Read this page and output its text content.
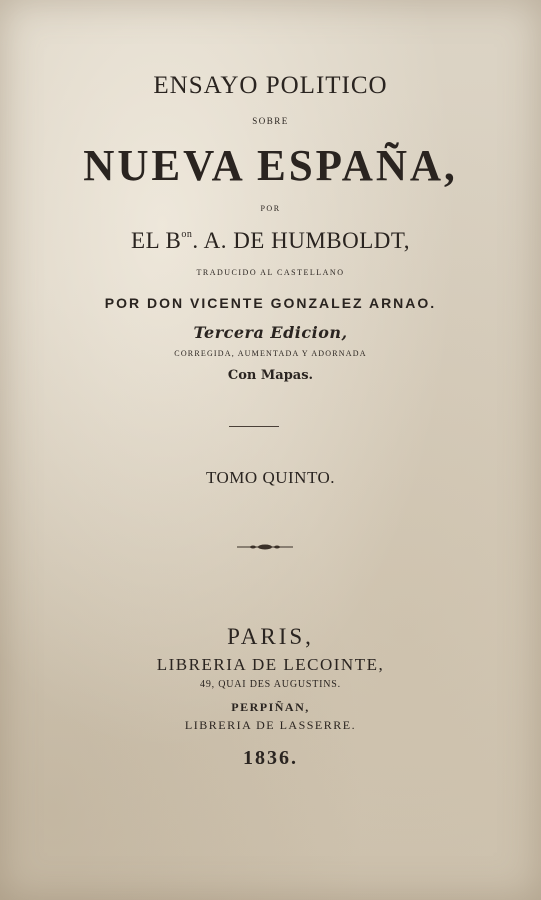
ENSAYO POLITICO

SOBRE

NUEVA ESPAÑA,

POR

EL $B^{on}$. A. DE HUMBOLDT,

TRADUCIDO AL CASTELLANO

POR DON VICENTE GONZALEZ ARNAO.

Tercera Edicion,

CORREGIDA, AUMENTADA Y ADORNADA

Con Mapas.

TOMO QUINTO.

PARIS,

LIBRERIA DE LECOINTE,

49, QUAI DES AUGUSTINS.

PERPIÑAN,

LIBRERIA DE LASSERRE.

1836.
